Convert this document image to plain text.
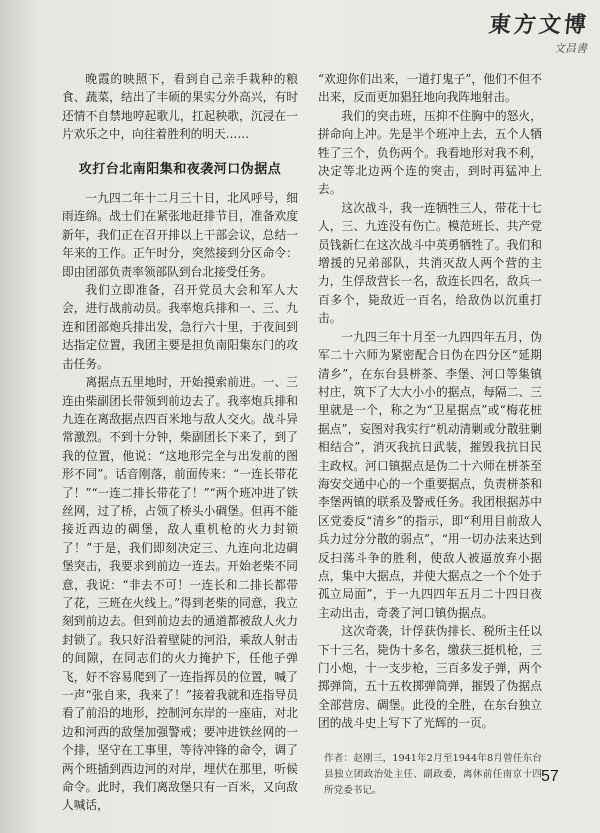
東方文博
文昌書

晚霞的映照下，看到自己亲手栽种的粮食、蔬菜，结出了丰硕的果实分外高兴，有时还情不自禁地哼起歌儿，扛起秧歌，沉浸在一片欢乐之中，向往着胜利的明天……

攻打台北南阳集和夜袭河口伪据点

一九四二年十二月三十日，北风呼号，细雨连绵。战士们在紧张地赶排节目，准备欢度新年，我们正在召开排以上干部会议，总结一年来的工作。正午时分，突然接到分区命令：即由团部负责率领部队到台北接受任务。

我们立即准备，召开党员大会和军人大会，进行战前动员。我率炮兵排和一、三、九连和团部炮兵排出发，急行六十里，于夜间到达指定位置，我团主要是担负南阳集东门的攻击任务。

离据点五里地时，开始摸索前进。一、三连由柴副团长带领到前边去了。我率炮兵排和九连在离敌据点四百米地与敌人交火。战斗异常激烈。不到十分钟，柴副团长下来了，到了我的位置，他说：“这地形完全与出发前的图形不同”。话音刚落，前面传来：“一连长带花了！”“一连二排长带花了！”“两个班冲进了铁丝网，过了桥，占领了桥头小碉堡。但再不能接近西边的碉堡，敌人重机枪的火力封锁了！”于是，我们即刻决定三、九连向北边碉堡突击，我要求到前边一连去。开始老柴不同意，我说：“非去不可！一连长和二排长都带了花，三班在火线上。”得到老柴的同意，我立刻到前边去。但到前边去的通道都被敌人火力封锁了。我只好沿着壁陡的河沿，乘敌人射击的间隙，在同志们的火力掩护下，任他子弹飞，好不容易爬到了一连指挥员的位置，喊了一声“张自来，我来了！”接着我就和连指导员看了前沿的地形，控制河东岸的一座庙，对北边和河西的敌堡加强警戒；要冲进铁丝网的一个排，坚守在工事里，等待冲锋的命令，调了两个班插到西边河的对岸，埋伏在那里，听候命令。此时，我们离敌堡只有一百米，又向敌人喊话，

“欢迎你们出来，一道打鬼子”，他们不但不出来，反而更加猖狂地向我阵地射击。

我们的突击班，压抑不住胸中的怒火，拼命向上冲。先是半个班冲上去，五个人牺牲了三个，负伤两个。我看地形对我不利，决定等北边两个连的突击，到时再猛冲上去。

这次战斗，我一连牺牲三人，带花十七人，三、九连没有伤亡。模范班长、共产党员钱新仁在这次战斗中英勇牺牲了。我们和增援的兄弟部队，共消灭敌人两个营的主力，生俘敌营长一名，敌连长四名，敌兵一百多个，毙敌近一百名，给敌伪以沉重打击。

一九四三年十月至一九四四年五月，伪军二十六师为紧密配合日伪在四分区“延期清乡”，在东台县栟茶、李堡、河口等集镇村庄，筑下了大大小小的据点，每隔二、三里就是一个，称之为“卫星据点”或“梅花桩据点”，妄图对我实行“机动清剿或分散驻剿相结合”，消灭我抗日武装，摧毁我抗日民主政权。河口镇据点是伪二十六师在栟茶至海安交通中心的一个重要据点，负责栟茶和李堡两镇的联系及警戒任务。我团根据苏中区党委反“清乡”的指示，即“利用目前敌人兵力过分分散的弱点”，“用一切办法来达到反扫荡斗争的胜利，使敌人被逼放弃小据点，集中大据点，并使大据点之一个个处于孤立局面”，于一九四四年五月二十四日夜主动出击，奇袭了河口镇伪据点。

这次奇袭，计俘获伪排长、税所主任以下十三名，毙伪十多名，缴获三挺机枪，三门小炮，十一支步枪，三百多发子弹，两个掷弹筒，五十五枚掷弹筒弹，摧毁了伪据点全部营房、碉堡。此役的全胜，在东台独立团的战斗史上写下了光辉的一页。

作者：赵刚三，1941年2月至1944年8月曾任东台县独立团政治处主任、副政委，离休前任南京十四所党委书记。
57
